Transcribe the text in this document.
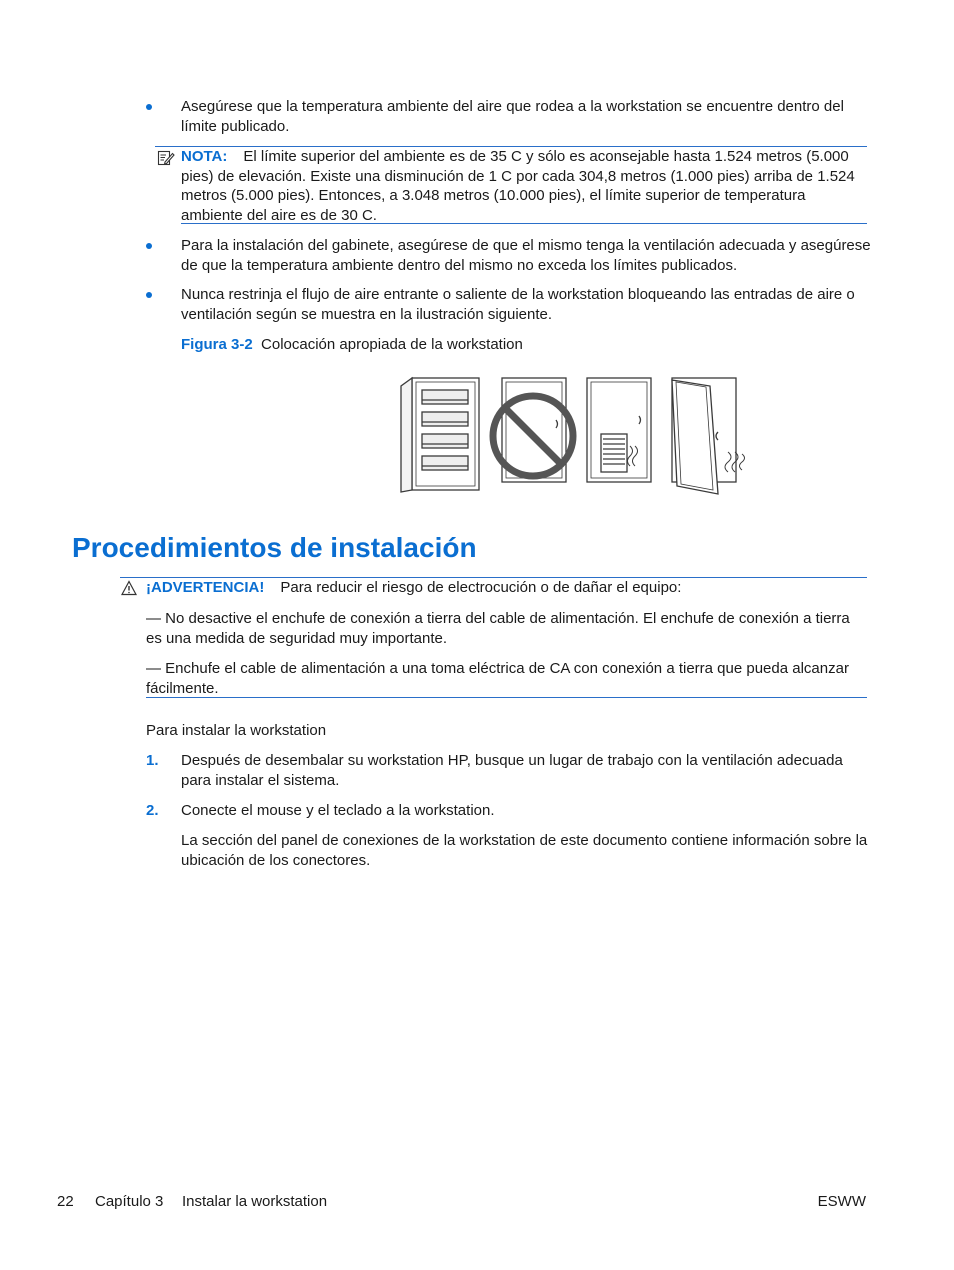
Asegúrese que la temperatura ambiente del aire que rodea a la workstation se encuentre dentro del límite publicado.

NOTA: El límite superior del ambiente es de 35 C y sólo es aconsejable hasta 1.524 metros (5.000 pies) de elevación. Existe una disminución de 1 C por cada 304,8 metros (1.000 pies) arriba de 1.524 metros (5.000 pies). Entonces, a 3.048 metros (10.000 pies), el límite superior de temperatura ambiente del aire es de 30 C.

Para la instalación del gabinete, asegúrese de que el mismo tenga la ventilación adecuada y asegúrese de que la temperatura ambiente dentro del mismo no exceda los límites publicados.

Nunca restrinja el flujo de aire entrante o saliente de la workstation bloqueando las entradas de aire o ventilación según se muestra en la ilustración siguiente.

Figura 3-2 Colocación apropiada de la workstation

Procedimientos de instalación

¡ADVERTENCIA! Para reducir el riesgo de electrocución o de dañar el equipo:

— No desactive el enchufe de conexión a tierra del cable de alimentación. El enchufe de conexión a tierra es una medida de seguridad muy importante.

— Enchufe el cable de alimentación a una toma eléctrica de CA con conexión a tierra que pueda alcanzar fácilmente.

Para instalar la workstation

1. Después de desembalar su workstation HP, busque un lugar de trabajo con la ventilación adecuada para instalar el sistema.

2. Conecte el mouse y el teclado a la workstation.

La sección del panel de conexiones de la workstation de este documento contiene información sobre la ubicación de los conectores.

22 Capítulo 3 Instalar la workstation	ESWW
